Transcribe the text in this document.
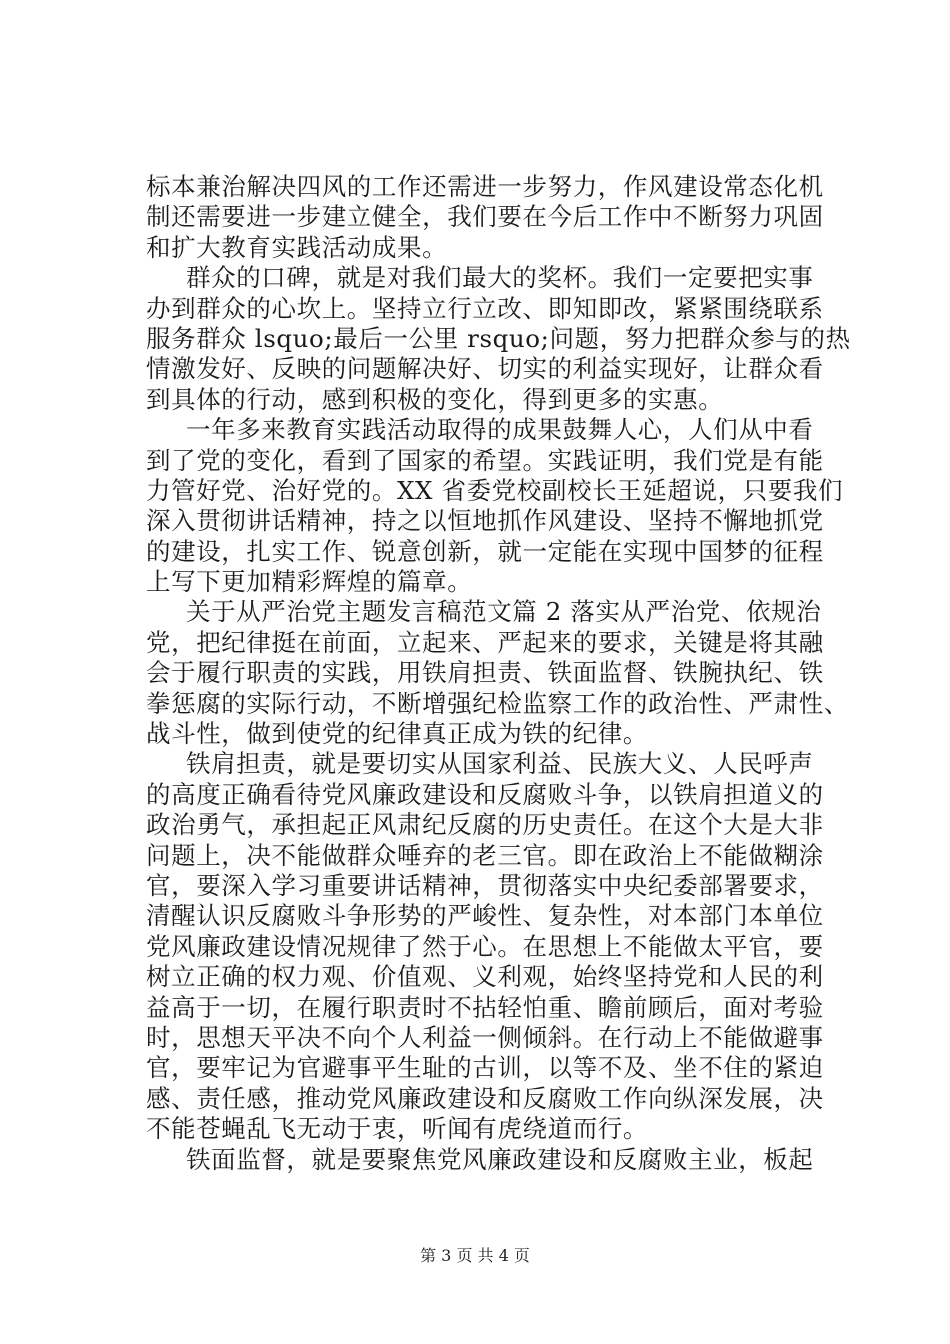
标本兼治解决四风的工作还需进一步努力，作风建设常态化机
制还需要进一步建立健全，我们要在今后工作中不断努力巩固
和扩大教育实践活动成果。
群众的口碑，就是对我们最大的奖杯。我们一定要把实事
办到群众的心坎上。坚持立行立改、即知即改，紧紧围绕联系
服务群众 lsquo;最后一公里 rsquo;问题，努力把群众参与的热
情激发好、反映的问题解决好、切实的利益实现好，让群众看
到具体的行动，感到积极的变化，得到更多的实惠。
一年多来教育实践活动取得的成果鼓舞人心，人们从中看
到了党的变化，看到了国家的希望。实践证明，我们党是有能
力管好党、治好党的。XX 省委党校副校长王延超说，只要我们
深入贯彻讲话精神，持之以恒地抓作风建设、坚持不懈地抓党
的建设，扎实工作、锐意创新，就一定能在实现中国梦的征程
上写下更加精彩辉煌的篇章。
关于从严治党主题发言稿范文篇 2 落实从严治党、依规治
党，把纪律挺在前面，立起来、严起来的要求，关键是将其融
会于履行职责的实践，用铁肩担责、铁面监督、铁腕执纪、铁
拳惩腐的实际行动，不断增强纪检监察工作的政治性、严肃性、
战斗性，做到使党的纪律真正成为铁的纪律。
铁肩担责，就是要切实从国家利益、民族大义、人民呼声
的高度正确看待党风廉政建设和反腐败斗争，以铁肩担道义的
政治勇气，承担起正风肃纪反腐的历史责任。在这个大是大非
问题上，决不能做群众唾弃的老三官。即在政治上不能做糊涂
官，要深入学习重要讲话精神，贯彻落实中央纪委部署要求，
清醒认识反腐败斗争形势的严峻性、复杂性，对本部门本单位
党风廉政建设情况规律了然于心。在思想上不能做太平官，要
树立正确的权力观、价值观、义利观，始终坚持党和人民的利
益高于一切，在履行职责时不拈轻怕重、瞻前顾后，面对考验
时，思想天平决不向个人利益一侧倾斜。在行动上不能做避事
官，要牢记为官避事平生耻的古训，以等不及、坐不住的紧迫
感、责任感，推动党风廉政建设和反腐败工作向纵深发展，决
不能苍蝇乱飞无动于衷，听闻有虎绕道而行。
铁面监督，就是要聚焦党风廉政建设和反腐败主业，板起
第 3 页 共 4 页
